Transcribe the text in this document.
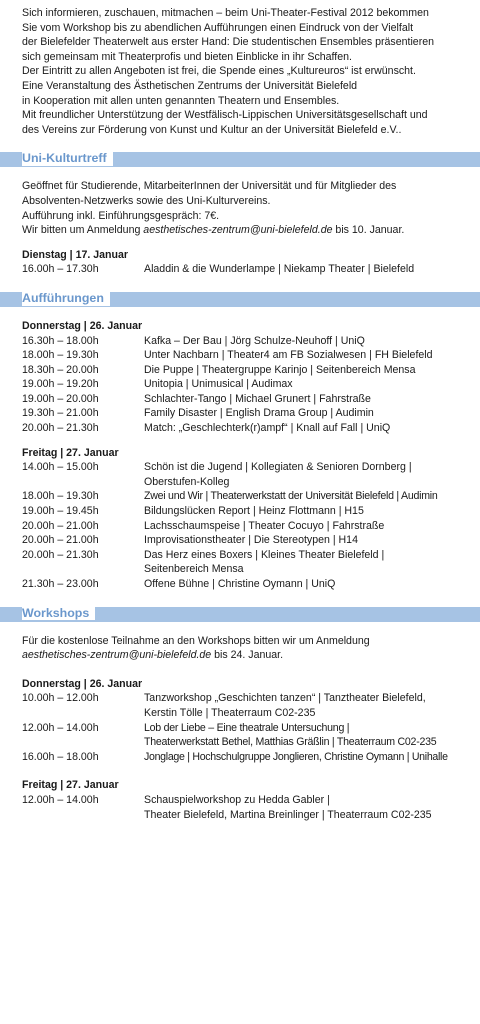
Sich informieren, zuschauen, mitmachen – beim Uni-Theater-Festival 2012 bekommen

Sie vom Workshop bis zu abendlichen Aufführungen einen Eindruck von der Vielfalt

der Bielefelder Theaterwelt aus erster Hand: Die studentischen Ensembles präsentieren

sich gemeinsam mit Theaterprofis und bieten Einblicke in ihr Schaffen.

Der Eintritt zu allen Angeboten ist frei, die Spende eines „Kultureuros“ ist erwünscht.

Eine Veranstaltung des Ästhetischen Zentrums der Universität Bielefeld

in Kooperation mit allen unten genannten Theatern und Ensembles.

Mit freundlicher Unterstützung der Westfälisch-Lippischen Universitätsgesellschaft und

des Vereins zur Förderung von Kunst und Kultur an der Universität Bielefeld e.V..

Uni-Kulturtreff

Geöffnet für Studierende, MitarbeiterInnen der Universität und für Mitglieder des

Absolventen-Netzwerks sowie des Uni-Kulturvereins.

Aufführung inkl. Einführungsgespräch: 7€.

Wir bitten um Anmeldung aesthetisches-zentrum@uni-bielefeld.de bis 10. Januar.

Dienstag | 17. Januar

16.00h – 17.30h	Aladdin & die Wunderlampe | Niekamp Theater | Bielefeld
Aufführungen

Donnerstag | 26. Januar

16.30h – 18.00h	Kafka – Der Bau | Jörg Schulze-Neuhoff | UniQ
18.00h – 19.30h	Unter Nachbarn | Theater4 am FB Sozialwesen | FH Bielefeld
18.30h – 20.00h	Die Puppe | Theatergruppe Karinjo | Seitenbereich Mensa
19.00h – 19.20h	Unitopia | Unimusical | Audimax
19.00h – 20.00h	Schlachter-Tango | Michael Grunert | Fahrstraße
19.30h – 21.00h	Family Disaster | English Drama Group | Audimin
20.00h – 21.30h	Match: „Geschlechterk(r)ampf“ | Knall auf Fall | UniQ

Freitag | 27. Januar

14.00h – 15.00h	Schön ist die Jugend | Kollegiaten & Senioren Dornberg |
Oberstufen-Kolleg
18.00h – 19.30h	Zwei und Wir | Theaterwerkstatt der Universität Bielefeld | Audimin
19.00h – 19.45h	Bildungslücken Report | Heinz Flottmann | H15
20.00h – 21.00h	Lachsschaumspeise | Theater Cocuyo | Fahrstraße
20.00h – 21.00h	Improvisationstheater | Die Stereotypen | H14
20.00h – 21.30h	Das Herz eines Boxers | Kleines Theater Bielefeld |
Seitenbereich Mensa
21.30h – 23.00h	Offene Bühne | Christine Oymann | UniQ
Workshops

Für die kostenlose Teilnahme an den Workshops bitten wir um Anmeldung

aesthetisches-zentrum@uni-bielefeld.de bis 24. Januar.

Donnerstag | 26. Januar

10.00h – 12.00h	Tanzworkshop „Geschichten tanzen“ | Tanztheater Bielefeld,
Kerstin Tölle | Theaterraum C02-235
12.00h – 14.00h	Lob der Liebe – Eine theatrale Untersuchung |
Theaterwerkstatt Bethel, Matthias Gräßlin | Theaterraum C02-235
16.00h – 18.00h	Jonglage | Hochschulgruppe Jonglieren, Christine Oymann | Unihalle

Freitag | 27. Januar

12.00h – 14.00h	Schauspielworkshop zu Hedda Gabler |
Theater Bielefeld, Martina Breinlinger | Theaterraum C02-235
